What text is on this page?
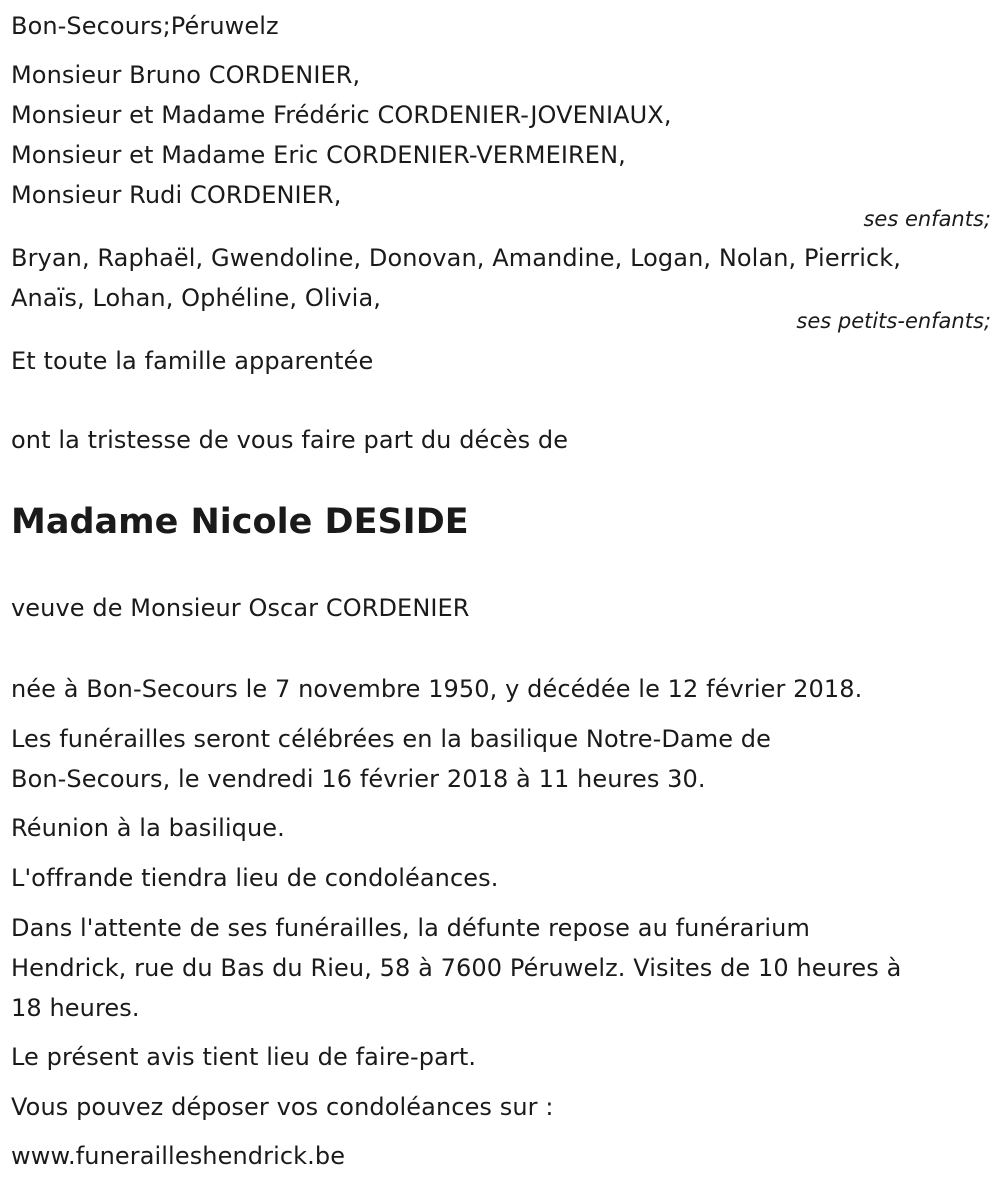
Bon-Secours;Péruwelz
Monsieur Bruno CORDENIER,
Monsieur et Madame Frédéric CORDENIER-JOVENIAUX,
Monsieur et Madame Eric CORDENIER-VERMEIREN,
Monsieur Rudi CORDENIER,
ses enfants;
Bryan, Raphaël, Gwendoline, Donovan, Amandine, Logan, Nolan, Pierrick,
Anaïs, Lohan, Ophéline, Olivia,
ses petits-enfants;
Et toute la famille apparentée
ont la tristesse de vous faire part du décès de
Madame Nicole DESIDE
veuve de Monsieur Oscar CORDENIER
née à Bon-Secours le 7 novembre 1950, y décédée le 12 février 2018.
Les funérailles seront célébrées en la basilique Notre-Dame de
Bon-Secours, le vendredi 16 février 2018 à 11 heures 30.
Réunion à la basilique.
L'offrande tiendra lieu de condoléances.
Dans l'attente de ses funérailles, la défunte repose au funérarium
Hendrick, rue du Bas du Rieu, 58 à 7600 Péruwelz. Visites de 10 heures à
18 heures.
Le présent avis tient lieu de faire-part.
Vous pouvez déposer vos condoléances sur :
www.funerailleshendrick.be
